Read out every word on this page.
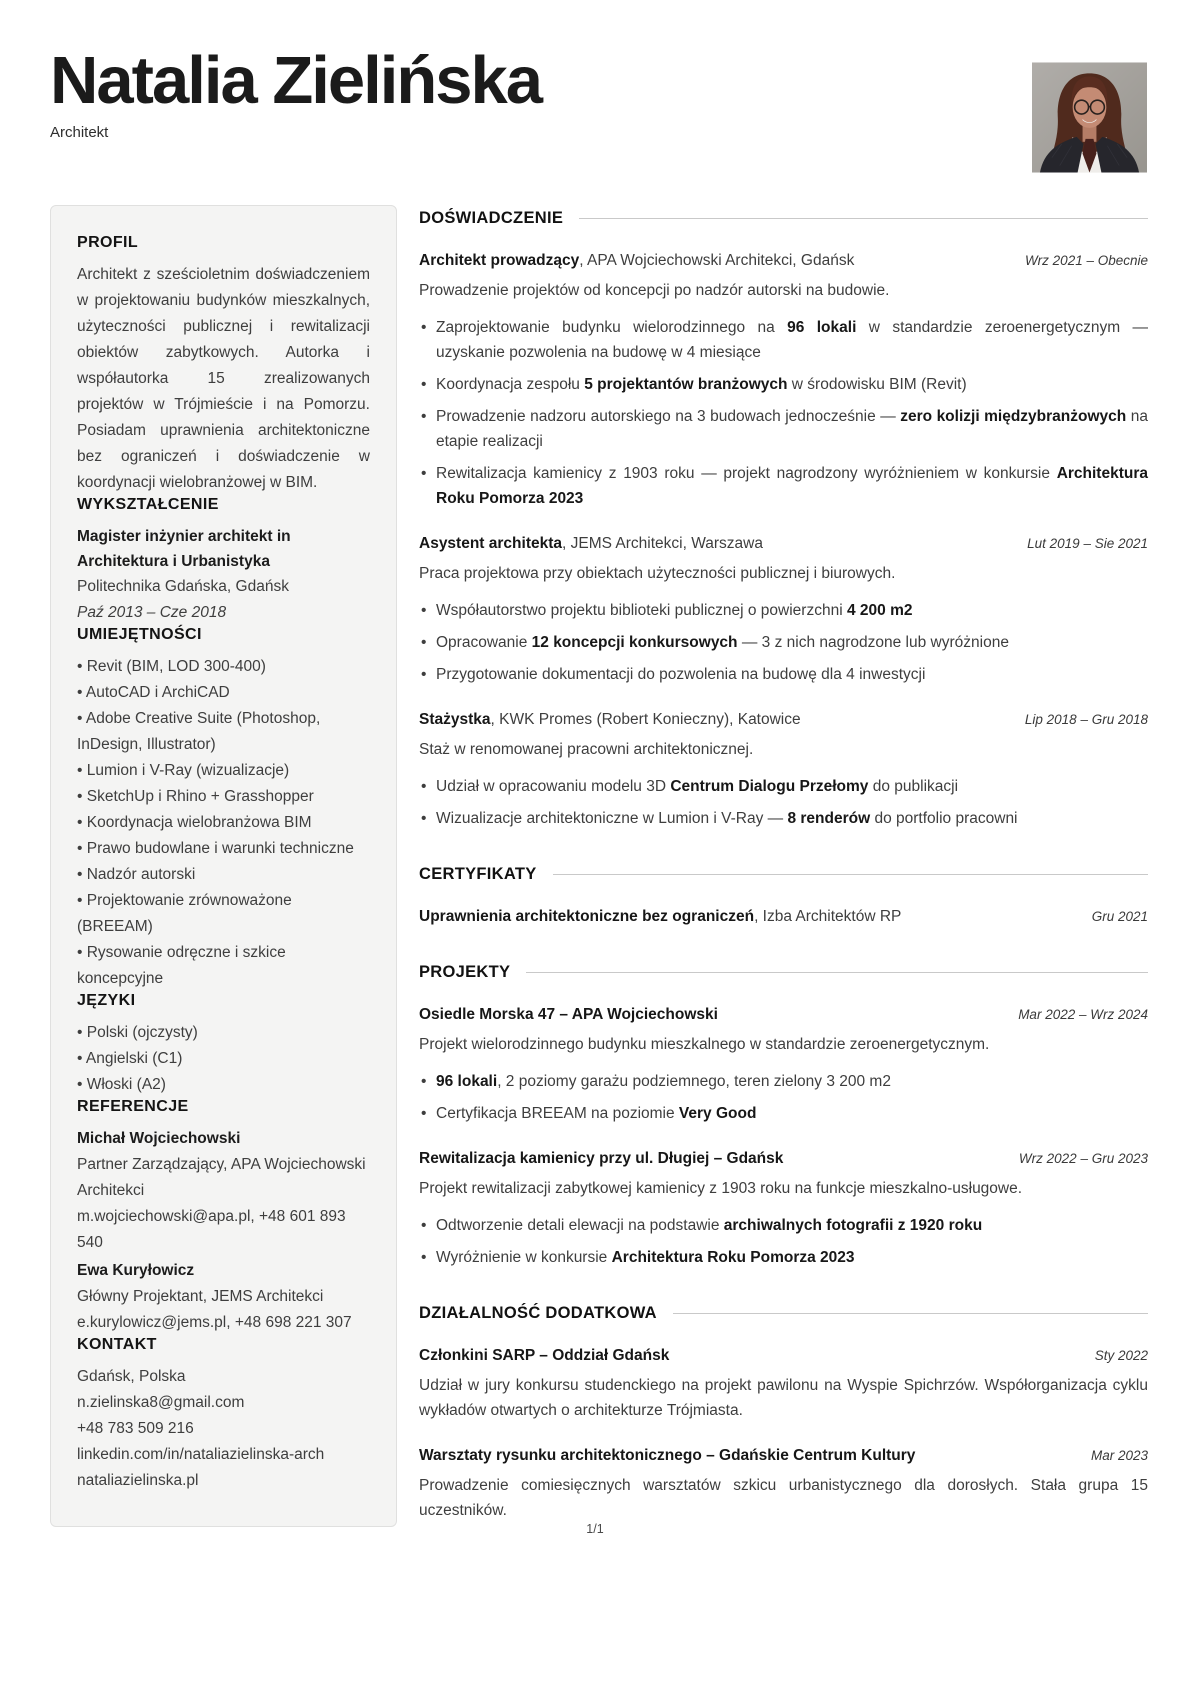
Natalia Zielińska
Architekt
PROFIL

Architekt z sześcioletnim doświadczeniem w projektowaniu budynków mieszkalnych, użyteczności publicznej i rewitalizacji obiektów zabytkowych. Autorka i współautorka 15 zrealizowanych projektów w Trójmieście i na Pomorzu. Posiadam uprawnienia architektoniczne bez ograniczeń i doświadczenie w koordynacji wielobranżowej w BIM.

WYKSZTAŁCENIE
Magister inżynier architekt in Architektura i Urbanistyka
Politechnika Gdańska, Gdańsk
Paź 2013 – Cze 2018
UMIEJĘTNOŚCI
• Revit (BIM, LOD 300-400)
• AutoCAD i ArchiCAD
• Adobe Creative Suite (Photoshop, InDesign, Illustrator)
• Lumion i V-Ray (wizualizacje)
• SketchUp i Rhino + Grasshopper
• Koordynacja wielobranżowa BIM
• Prawo budowlane i warunki techniczne
• Nadzór autorski
• Projektowanie zrównoważone (BREEAM)
• Rysowanie odręczne i szkice koncepcyjne
JĘZYKI
• Polski (ojczysty)
• Angielski (C1)
• Włoski (A2)
REFERENCJE
Michał Wojciechowski
Partner Zarządzający, APA Wojciechowski Architekci
m.wojciechowski@apa.pl, +48 601 893 540
Ewa Kuryłowicz
Główny Projektant, JEMS Architekci
e.kurylowicz@jems.pl, +48 698 221 307
KONTAKT
Gdańsk, Polska
n.zielinska8@gmail.com
+48 783 509 216
linkedin.com/in/nataliazielinska-arch
nataliazielinska.pl
DOŚWIADCZENIE
Architekt prowadzący, APA Wojciechowski Architekci, Gdańsk	Wrz 2021 – Obecnie
Prowadzenie projektów od koncepcji po nadzór autorski na budowie.
• Zaprojektowanie budynku wielorodzinnego na 96 lokali w standardzie zeroenergetycznym — uzyskanie pozwolenia na budowę w 4 miesiące
• Koordynacja zespołu 5 projektantów branżowych w środowisku BIM (Revit)
• Prowadzenie nadzoru autorskiego na 3 budowach jednocześnie — zero kolizji międzybranżowych na etapie realizacji
• Rewitalizacja kamienicy z 1903 roku — projekt nagrodzony wyróżnieniem w konkursie Architektura Roku Pomorza 2023
Asystent architekta, JEMS Architekci, Warszawa	Lut 2019 – Sie 2021
Praca projektowa przy obiektach użyteczności publicznej i biurowych.
• Współautorstwo projektu biblioteki publicznej o powierzchni 4 200 m2
• Opracowanie 12 koncepcji konkursowych — 3 z nich nagrodzone lub wyróżnione
• Przygotowanie dokumentacji do pozwolenia na budowę dla 4 inwestycji
Stażystka, KWK Promes (Robert Konieczny), Katowice	Lip 2018 – Gru 2018
Staż w renomowanej pracowni architektonicznej.
• Udział w opracowaniu modelu 3D Centrum Dialogu Przełomy do publikacji
• Wizualizacje architektoniczne w Lumion i V-Ray — 8 renderów do portfolio pracowni
CERTYFIKATY
Uprawnienia architektoniczne bez ograniczeń, Izba Architektów RP	Gru 2021
PROJEKTY
Osiedle Morska 47 – APA Wojciechowski	Mar 2022 – Wrz 2024
Projekt wielorodzinnego budynku mieszkalnego w standardzie zeroenergetycznym.
• 96 lokali, 2 poziomy garażu podziemnego, teren zielony 3 200 m2
• Certyfikacja BREEAM na poziomie Very Good
Rewitalizacja kamienicy przy ul. Długiej – Gdańsk	Wrz 2022 – Gru 2023
Projekt rewitalizacji zabytkowej kamienicy z 1903 roku na funkcje mieszkalno-usługowe.
• Odtworzenie detali elewacji na podstawie archiwalnych fotografii z 1920 roku
• Wyróżnienie w konkursie Architektura Roku Pomorza 2023
DZIAŁALNOŚĆ DODATKOWA
Członkini SARP – Oddział Gdańsk	Sty 2022
Udział w jury konkursu studenckiego na projekt pawilonu na Wyspie Spichrzów. Współorganizacja cyklu wykładów otwartych o architekturze Trójmiasta.
Warsztaty rysunku architektonicznego – Gdańskie Centrum Kultury	Mar 2023
Prowadzenie comiesięcznych warsztatów szkicu urbanistycznego dla dorosłych. Stała grupa 15 uczestników.
1/1
